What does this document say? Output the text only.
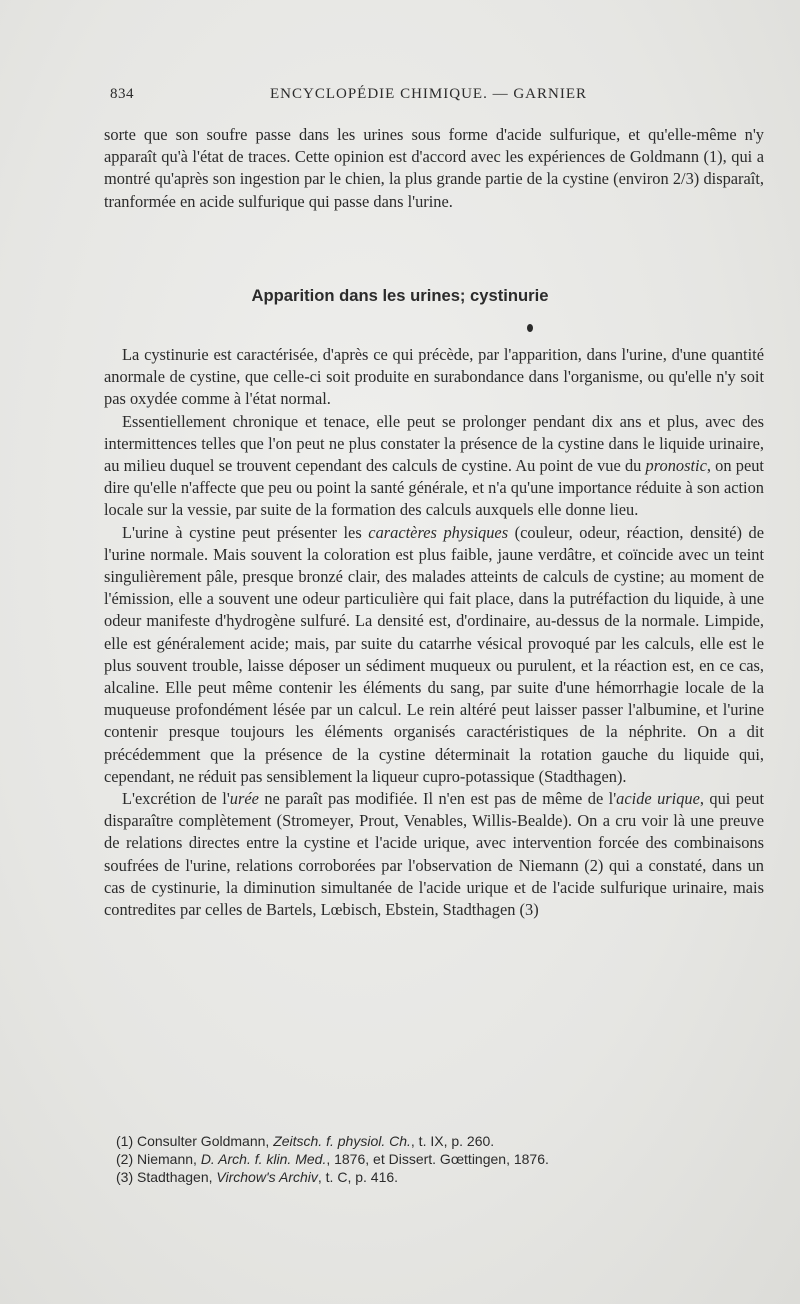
834	ENCYCLOPÉDIE CHIMIQUE. — GARNIER

sorte que son soufre passe dans les urines sous forme d'acide sulfurique, et qu'elle-même n'y apparaît qu'à l'état de traces. Cette opinion est d'accord avec les expériences de Goldmann (1), qui a montré qu'après son ingestion par le chien, la plus grande partie de la cystine (environ 2/3) disparaît, tranformée en acide sulfurique qui passe dans l'urine.

Apparition dans les urines; cystinurie

La cystinurie est caractérisée, d'après ce qui précède, par l'apparition, dans l'urine, d'une quantité anormale de cystine, que celle-ci soit produite en surabondance dans l'organisme, ou qu'elle n'y soit pas oxydée comme à l'état normal.

Essentiellement chronique et tenace, elle peut se prolonger pendant dix ans et plus, avec des intermittences telles que l'on peut ne plus constater la présence de la cystine dans le liquide urinaire, au milieu duquel se trouvent cependant des calculs de cystine. Au point de vue du pronostic, on peut dire qu'elle n'affecte que peu ou point la santé générale, et n'a qu'une importance réduite à son action locale sur la vessie, par suite de la formation des calculs auxquels elle donne lieu.

L'urine à cystine peut présenter les caractères physiques (couleur, odeur, réaction, densité) de l'urine normale. Mais souvent la coloration est plus faible, jaune verdâtre, et coïncide avec un teint singulièrement pâle, presque bronzé clair, des malades atteints de calculs de cystine; au moment de l'émission, elle a souvent une odeur particulière qui fait place, dans la putréfaction du liquide, à une odeur manifeste d'hydrogène sulfuré. La densité est, d'ordinaire, au-dessus de la normale. Limpide, elle est généralement acide; mais, par suite du catarrhe vésical provoqué par les calculs, elle est le plus souvent trouble, laisse déposer un sédiment muqueux ou purulent, et la réaction est, en ce cas, alcaline. Elle peut même contenir les éléments du sang, par suite d'une hémorrhagie locale de la muqueuse profondément lésée par un calcul. Le rein altéré peut laisser passer l'albumine, et l'urine contenir presque toujours les éléments organisés caractéristiques de la néphrite. On a dit précédemment que la présence de la cystine déterminait la rotation gauche du liquide qui, cependant, ne réduit pas sensiblement la liqueur cupro-potassique (Stadthagen).

L'excrétion de l'urée ne paraît pas modifiée. Il n'en est pas de même de l'acide urique, qui peut disparaître complètement (Stromeyer, Prout, Venables, Willis-Bealde). On a cru voir là une preuve de relations directes entre la cystine et l'acide urique, avec intervention forcée des combinaisons soufrées de l'urine, relations corroborées par l'observation de Niemann (2) qui a constaté, dans un cas de cystinurie, la diminution simultanée de l'acide urique et de l'acide sulfurique urinaire, mais contredites par celles de Bartels, Lœbisch, Ebstein, Stadthagen (3)

(1) Consulter Goldmann, Zeitsch. f. physiol. Ch., t. IX, p. 260.

(2) Niemann, D. Arch. f. klin. Med., 1876, et Dissert. Gœttingen, 1876.

(3) Stadthagen, Virchow's Archiv, t. C, p. 416.
